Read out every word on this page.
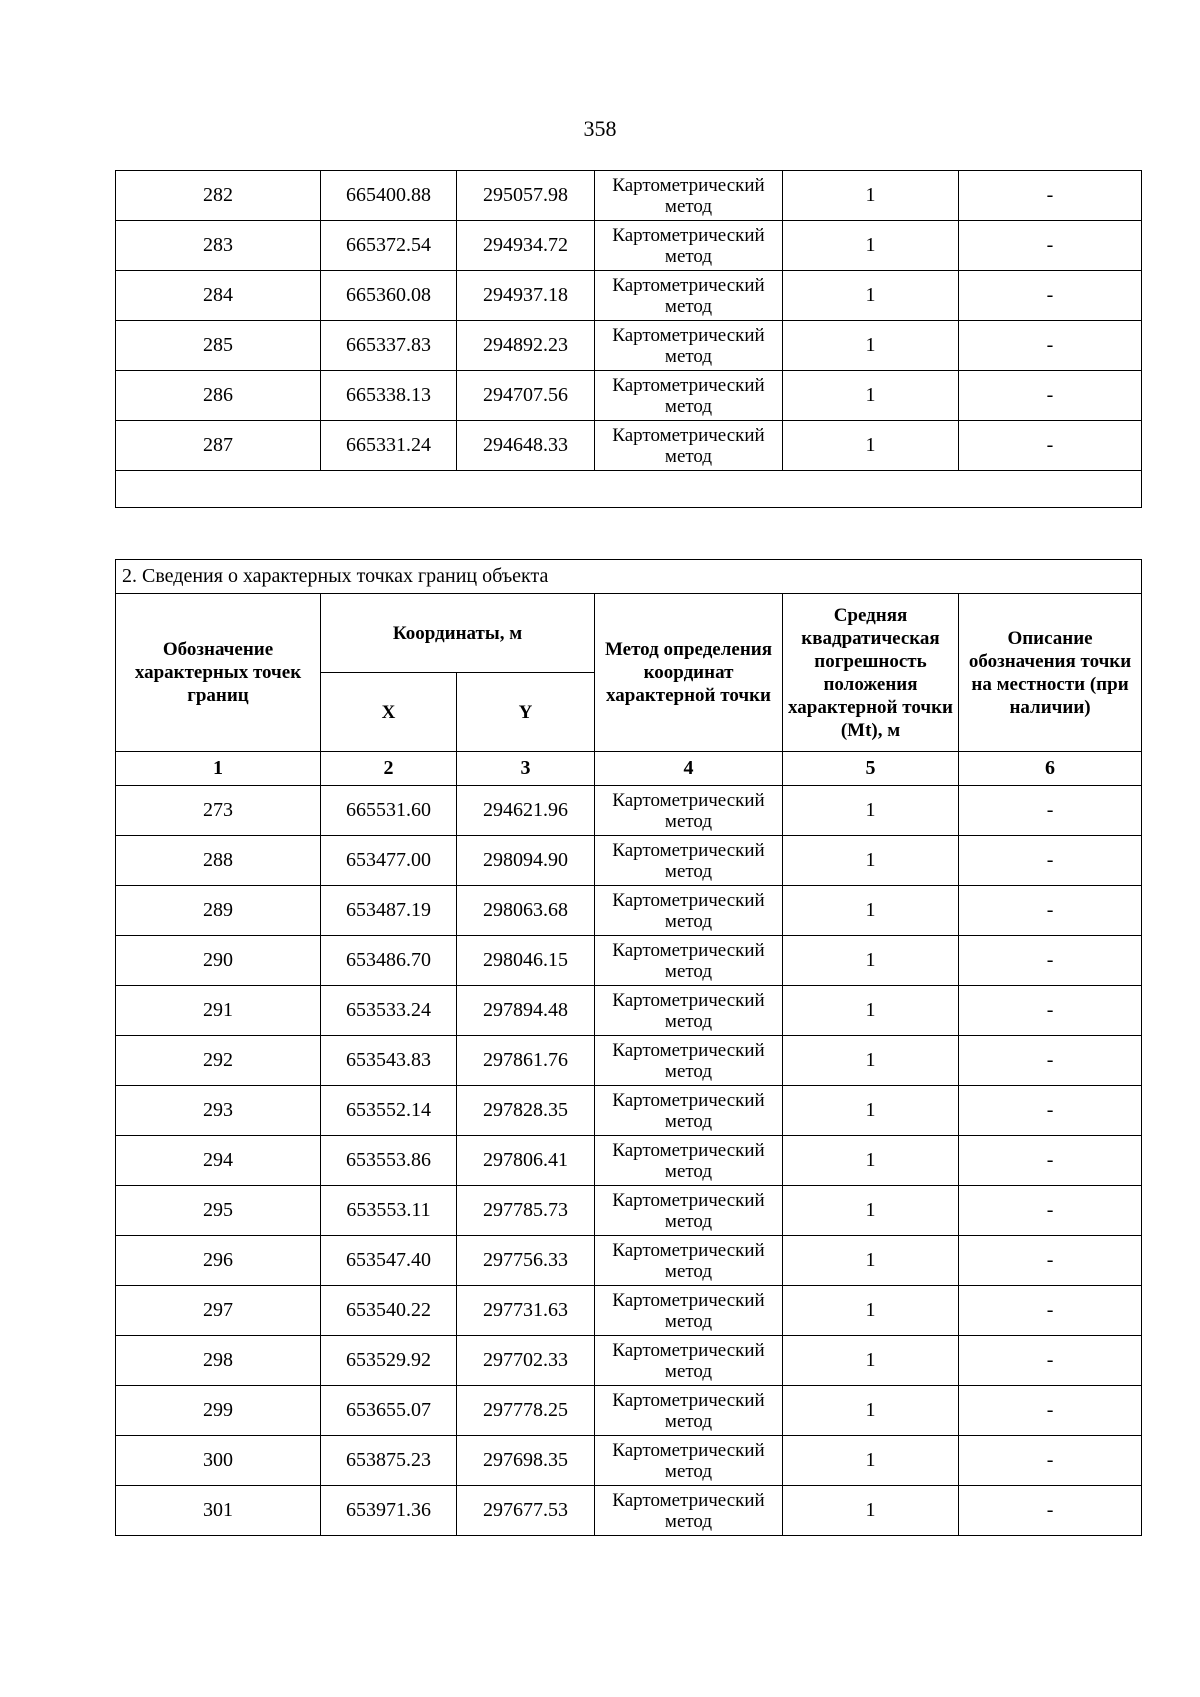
358
282	665400.88	295057.98	Картометрический метод	1	-
283	665372.54	294934.72	Картометрический метод	1	-
284	665360.08	294937.18	Картометрический метод	1	-
285	665337.83	294892.23	Картометрический метод	1	-
286	665338.13	294707.56	Картометрический метод	1	-
287	665331.24	294648.33	Картометрический метод	1	-

2. Сведения о характерных точках границ объекта					
Обозначение характерных точек границ	Координаты, м		Метод определения координат характерной точки	Средняя квадратическая погрешность положения характерной точки (Mt), м	Описание обозначения точки на местности (при наличии)
	X	Y			
1	2	3	4	5	6
273	665531.60	294621.96	Картометрический метод	1	-
288	653477.00	298094.90	Картометрический метод	1	-
289	653487.19	298063.68	Картометрический метод	1	-
290	653486.70	298046.15	Картометрический метод	1	-
291	653533.24	297894.48	Картометрический метод	1	-
292	653543.83	297861.76	Картометрический метод	1	-
293	653552.14	297828.35	Картометрический метод	1	-
294	653553.86	297806.41	Картометрический метод	1	-
295	653553.11	297785.73	Картометрический метод	1	-
296	653547.40	297756.33	Картометрический метод	1	-
297	653540.22	297731.63	Картометрический метод	1	-
298	653529.92	297702.33	Картометрический метод	1	-
299	653655.07	297778.25	Картометрический метод	1	-
300	653875.23	297698.35	Картометрический метод	1	-
301	653971.36	297677.53	Картометрический метод	1	-
